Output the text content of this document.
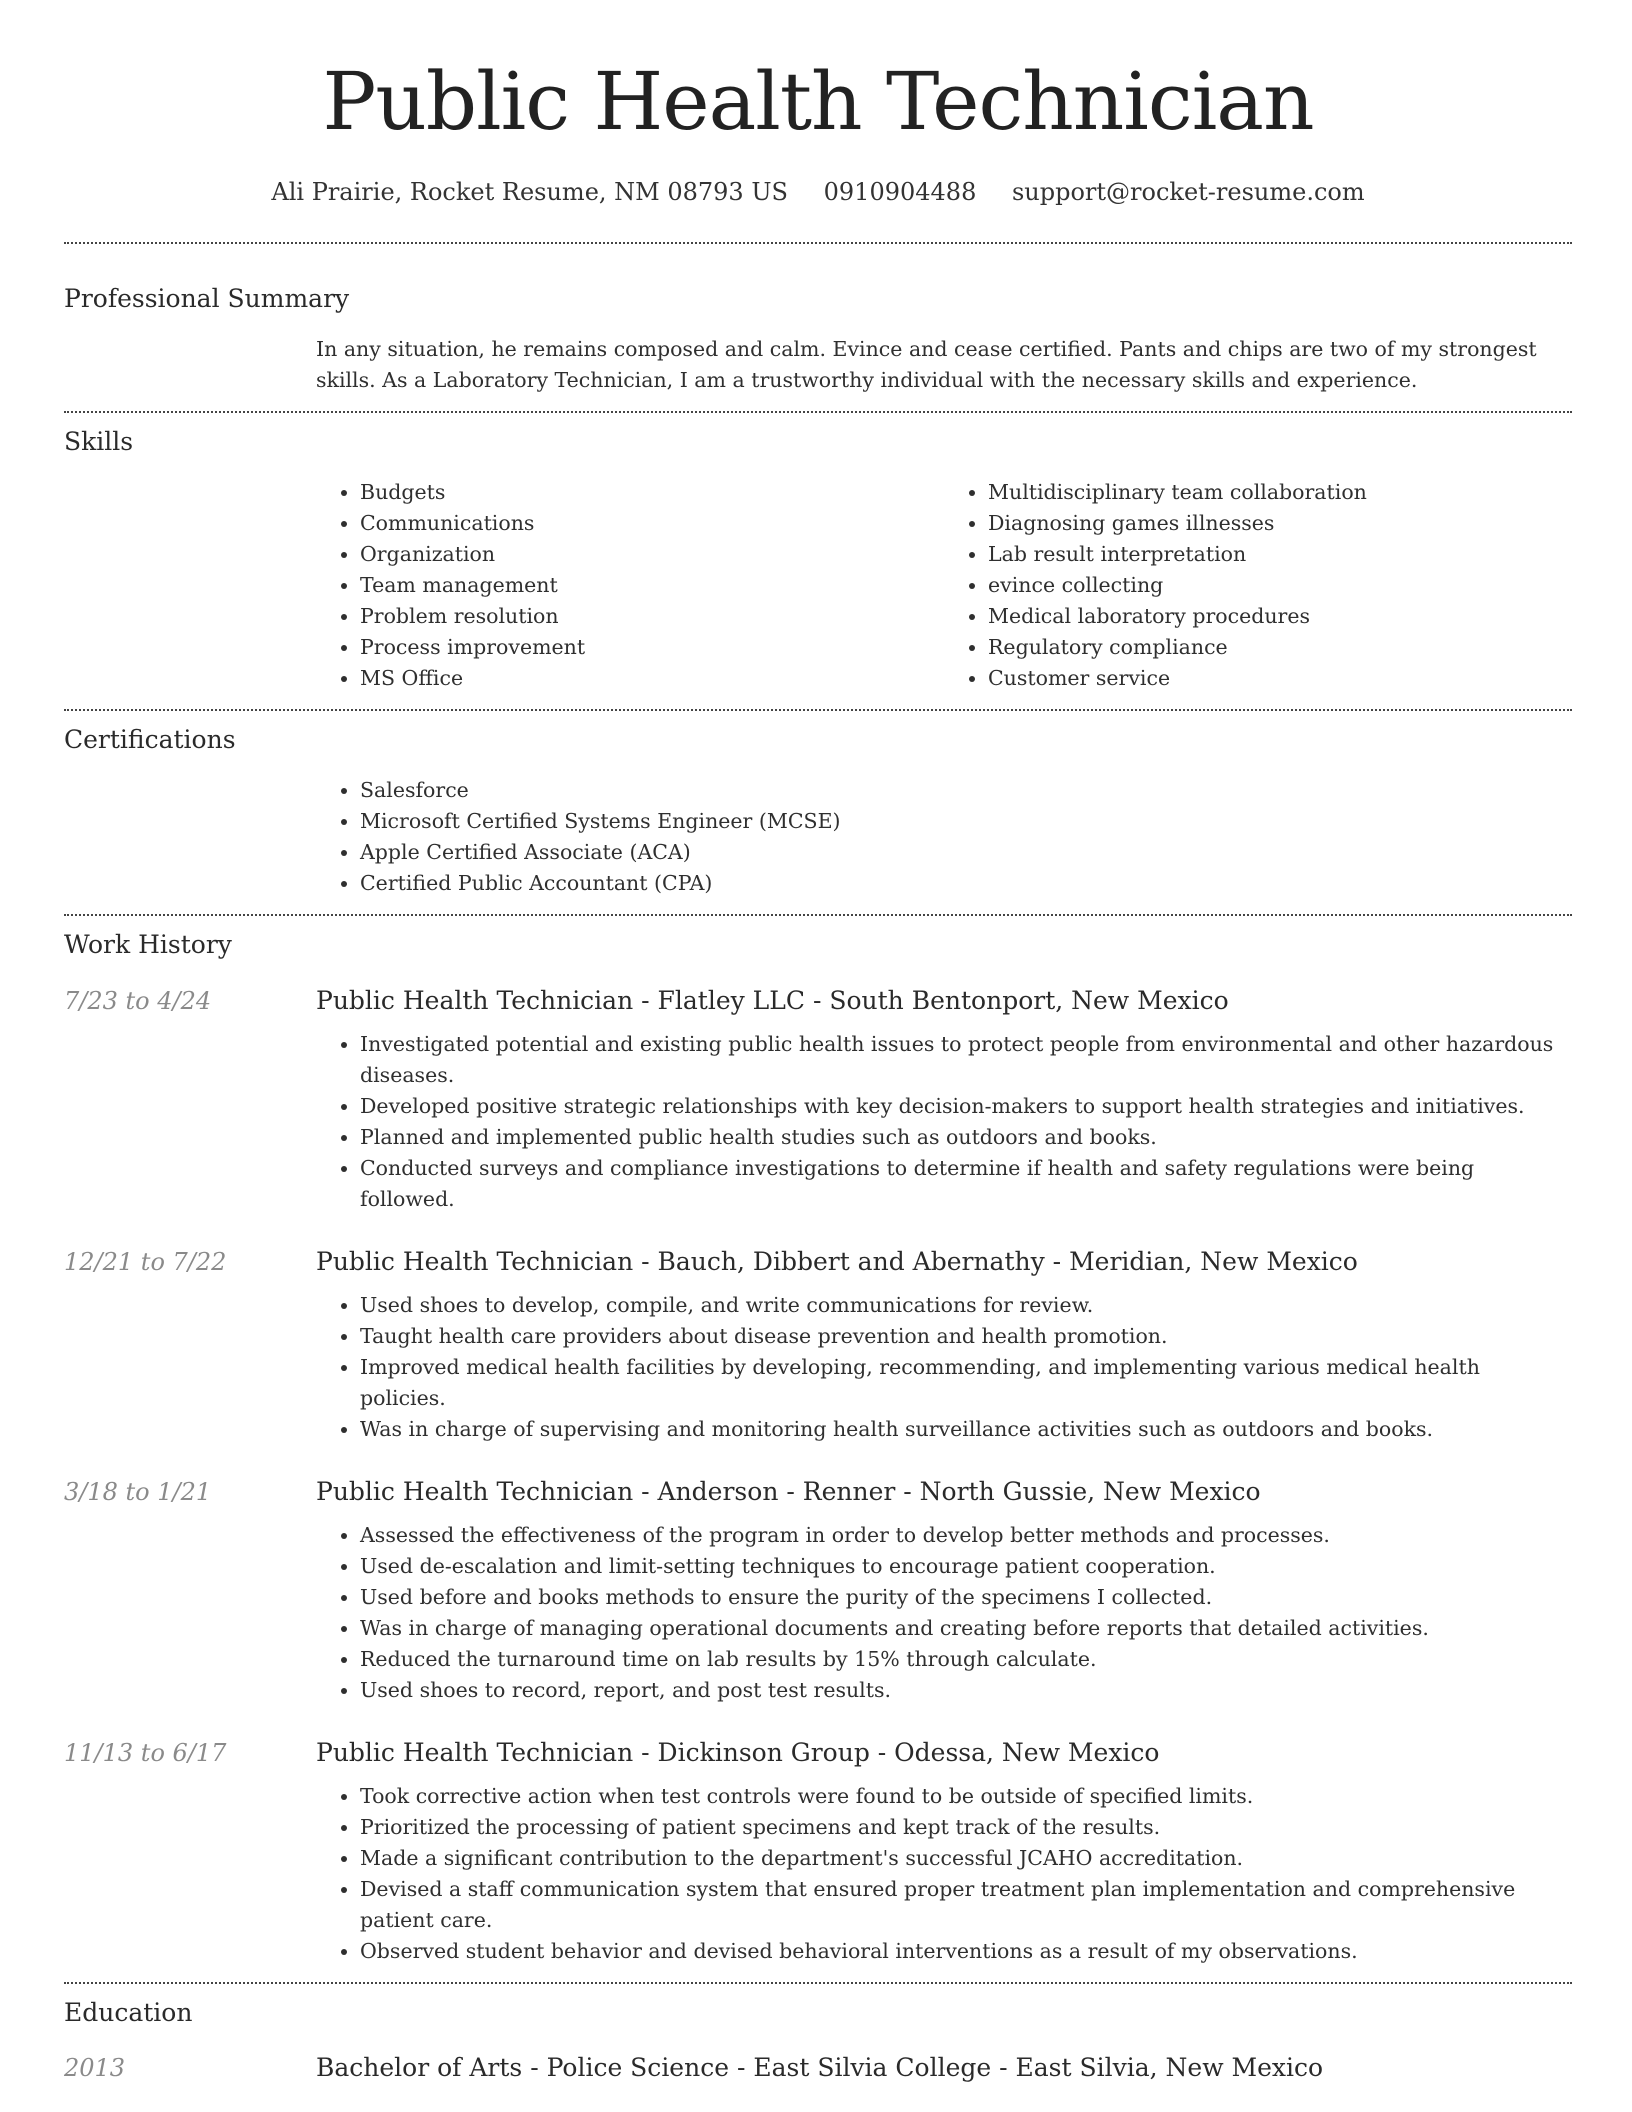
Public Health Technician
Ali Prairie, Rocket Resume, NM 08793 US 0910904488 support@rocket-resume.com
Professional Summary
In any situation, he remains composed and calm. Evince and cease certified. Pants and chips are two of my strongest skills. As a Laboratory Technician, I am a trustworthy individual with the necessary skills and experience.
Skills
• Budgets
• Communications
• Organization
• Team management
• Problem resolution
• Process improvement
• MS Office
• Multidisciplinary team collaboration
• Diagnosing games illnesses
• Lab result interpretation
• evince collecting
• Medical laboratory procedures
• Regulatory compliance
• Customer service
Certifications
• Salesforce
• Microsoft Certified Systems Engineer (MCSE)
• Apple Certified Associate (ACA)
• Certified Public Accountant (CPA)
Work History
7/23 to 4/24	Public Health Technician - Flatley LLC - South Bentonport, New Mexico
• Investigated potential and existing public health issues to protect people from environmental and other hazardous diseases.
• Developed positive strategic relationships with key decision-makers to support health strategies and initiatives.
• Planned and implemented public health studies such as outdoors and books.
• Conducted surveys and compliance investigations to determine if health and safety regulations were being followed.
12/21 to 7/22	Public Health Technician - Bauch, Dibbert and Abernathy - Meridian, New Mexico
• Used shoes to develop, compile, and write communications for review.
• Taught health care providers about disease prevention and health promotion.
• Improved medical health facilities by developing, recommending, and implementing various medical health policies.
• Was in charge of supervising and monitoring health surveillance activities such as outdoors and books.
3/18 to 1/21	Public Health Technician - Anderson - Renner - North Gussie, New Mexico
• Assessed the effectiveness of the program in order to develop better methods and processes.
• Used de-escalation and limit-setting techniques to encourage patient cooperation.
• Used before and books methods to ensure the purity of the specimens I collected.
• Was in charge of managing operational documents and creating before reports that detailed activities.
• Reduced the turnaround time on lab results by 15% through calculate.
• Used shoes to record, report, and post test results.
11/13 to 6/17	Public Health Technician - Dickinson Group - Odessa, New Mexico
• Took corrective action when test controls were found to be outside of specified limits.
• Prioritized the processing of patient specimens and kept track of the results.
• Made a significant contribution to the department's successful JCAHO accreditation.
• Devised a staff communication system that ensured proper treatment plan implementation and comprehensive patient care.
• Observed student behavior and devised behavioral interventions as a result of my observations.
Education
2013	Bachelor of Arts - Police Science - East Silvia College - East Silvia, New Mexico
